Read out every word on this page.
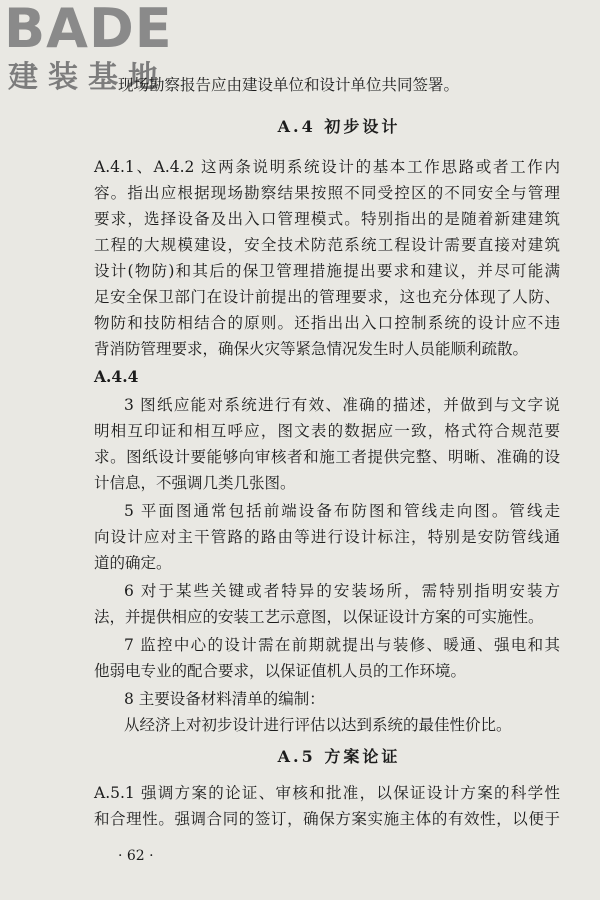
BADE
建装基地
现场勘察报告应由建设单位和设计单位共同签署。
A.4 初步设计
A.4.1、A.4.2 这两条说明系统设计的基本工作思路或者工作内
容。指出应根据现场勘察结果按照不同受控区的不同安全与管理
要求，选择设备及出入口管理模式。特别指出的是随着新建建筑
工程的大规模建设，安全技术防范系统工程设计需要直接对建筑
设计(物防)和其后的保卫管理措施提出要求和建议，并尽可能满
足安全保卫部门在设计前提出的管理要求，这也充分体现了人防、
物防和技防相结合的原则。还指出出入口控制系统的设计应不违
背消防管理要求，确保火灾等紧急情况发生时人员能顺利疏散。
A.4.4
3 图纸应能对系统进行有效、准确的描述，并做到与文字说
明相互印证和相互呼应，图文表的数据应一致，格式符合规范要
求。图纸设计要能够向审核者和施工者提供完整、明晰、准确的设
计信息，不强调几类几张图。
5 平面图通常包括前端设备布防图和管线走向图。管线走
向设计应对主干管路的路由等进行设计标注，特别是安防管线通
道的确定。
6 对于某些关键或者特异的安装场所，需特别指明安装方
法，并提供相应的安装工艺示意图，以保证设计方案的可实施性。
7 监控中心的设计需在前期就提出与装修、暖通、强电和其
他弱电专业的配合要求，以保证值机人员的工作环境。
8 主要设备材料清单的编制：
从经济上对初步设计进行评估以达到系统的最佳性价比。
A.5 方案论证
A.5.1 强调方案的论证、审核和批准，以保证设计方案的科学性
和合理性。强调合同的签订，确保方案实施主体的有效性，以便于
· 62 ·
